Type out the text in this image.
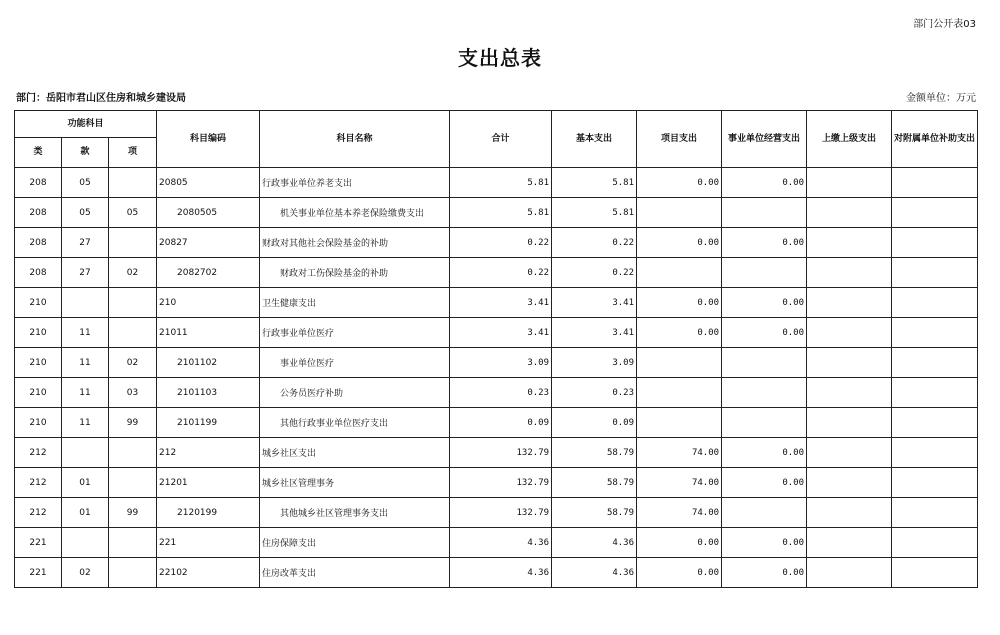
部门公开表03
支出总表
部门：岳阳市君山区住房和城乡建设局	金额单位：万元
功能科目			科目编码	科目名称	合计	基本支出	项目支出	事业单位经营支出	上缴上级支出	对附属单位补助支出
类	款	项								
208	05		20805	行政事业单位养老支出	5.81	5.81	0.00	0.00		
208	05	05	2080505	机关事业单位基本养老保险缴费支出	5.81	5.81				
208	27		20827	财政对其他社会保险基金的补助	0.22	0.22	0.00	0.00		
208	27	02	2082702	财政对工伤保险基金的补助	0.22	0.22				
210			210	卫生健康支出	3.41	3.41	0.00	0.00		
210	11		21011	行政事业单位医疗	3.41	3.41	0.00	0.00		
210	11	02	2101102	事业单位医疗	3.09	3.09				
210	11	03	2101103	公务员医疗补助	0.23	0.23				
210	11	99	2101199	其他行政事业单位医疗支出	0.09	0.09				
212			212	城乡社区支出	132.79	58.79	74.00	0.00		
212	01		21201	城乡社区管理事务	132.79	58.79	74.00	0.00		
212	01	99	2120199	其他城乡社区管理事务支出	132.79	58.79	74.00			
221			221	住房保障支出	4.36	4.36	0.00	0.00		
221	02		22102	住房改革支出	4.36	4.36	0.00	0.00		
